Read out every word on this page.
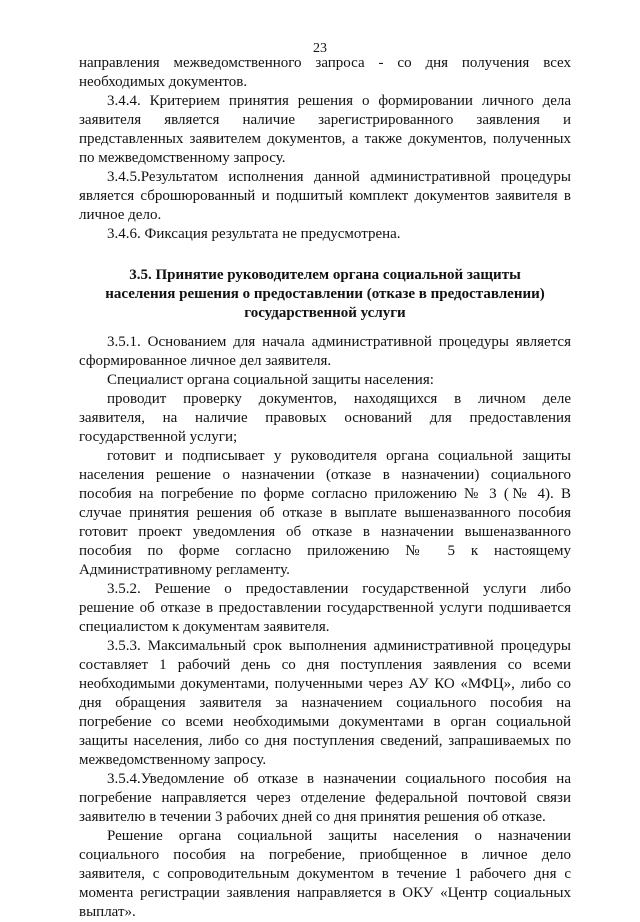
23
направления межведомственного запроса - со дня получения всех
необходимых документов.
3.4.4. Критерием принятия решения о формировании личного дела
заявителя является наличие зарегистрированного заявления и
представленных заявителем документов, а также документов, полученных
по межведомственному запросу.
3.4.5.Результатом исполнения данной административной процедуры
является сброшюрованный и подшитый комплект документов заявителя в
личное дело.
3.4.6. Фиксация результата не предусмотрена.
3.5. Принятие руководителем органа социальной защиты
населения решения о предоставлении (отказе в предоставлении)
государственной услуги
3.5.1. Основанием для начала административной процедуры является
сформированное личное дел заявителя.
Специалист органа социальной защиты населения:
проводит проверку документов, находящихся в личном деле
заявителя, на наличие правовых оснований для предоставления
государственной услуги;
готовит и подписывает у руководителя органа социальной защиты
населения решение о назначении (отказе в назначении) социального
пособия на погребение по форме согласно приложению № 3 (№ 4). В
случае принятия решения об отказе в выплате вышеназванного пособия
готовит проект уведомления об отказе в назначении вышеназванного
пособия по форме согласно приложению № 5 к настоящему
Административному регламенту.
3.5.2. Решение о предоставлении государственной услуги либо
решение об отказе в предоставлении государственной услуги подшивается
специалистом к документам заявителя.
3.5.3. Максимальный срок выполнения административной процедуры
составляет 1 рабочий день со дня поступления заявления со всеми
необходимыми документами, полученными через АУ КО «МФЦ», либо со
дня обращения заявителя за назначением социального пособия на
погребение со всеми необходимыми документами в орган социальной
защиты населения, либо со дня поступления сведений, запрашиваемых по
межведомственному запросу.
3.5.4.Уведомление об отказе в назначении социального пособия на
погребение направляется через отделение федеральной почтовой связи
заявителю в течении 3 рабочих дней со дня принятия решения об отказе.
Решение органа социальной защиты населения о назначении
социального пособия на погребение, приобщенное в личное дело
заявителя, с сопроводительным документом в течение 1 рабочего дня с
момента регистрации заявления направляется в ОКУ «Центр социальных
выплат».
